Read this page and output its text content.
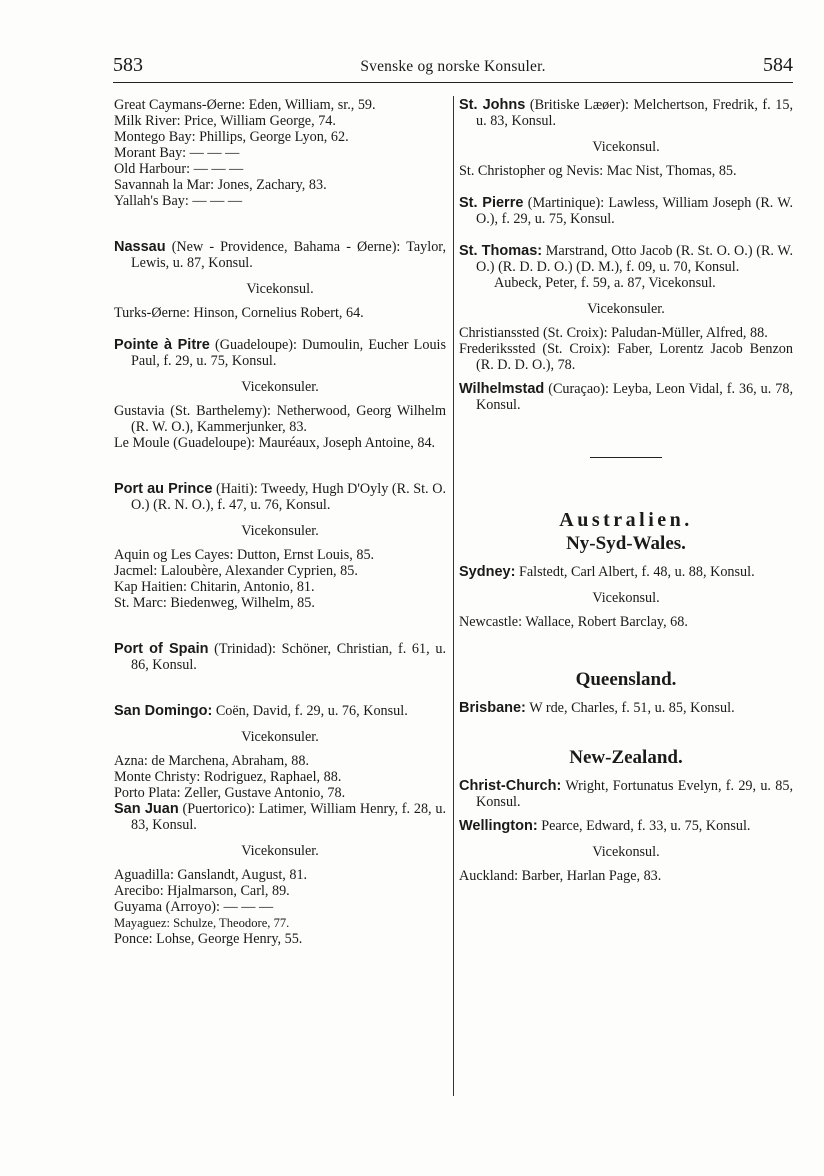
583	Svenske og norske Konsuler.	584

Great Caymans-Øerne: Eden, William, sr., 59.

Milk River: Price, William George, 74.

Montego Bay: Phillips, George Lyon, 62.

Morant Bay: — — —

Old Harbour: — — —

Savannah la Mar: Jones, Zachary, 83.

Yallah's Bay: — — —

Nassau (New - Providence, Bahama - Øerne): Taylor, Lewis, u. 87, Konsul.

Vicekonsul.

Turks-Øerne: Hinson, Cornelius Robert, 64.

Pointe à Pitre (Guadeloupe): Dumoulin, Eucher Louis Paul, f. 29, u. 75, Konsul.

Vicekonsuler.

Gustavia (St. Barthelemy): Netherwood, Georg Wilhelm (R. W. O.), Kammerjunker, 83.

Le Moule (Guadeloupe): Mauréaux, Joseph Antoine, 84.

Port au Prince (Haiti): Tweedy, Hugh D'Oyly (R. St. O. O.) (R. N. O.), f. 47, u. 76, Konsul.

Vicekonsuler.

Aquin og Les Cayes: Dutton, Ernst Louis, 85.

Jacmel: Laloubère, Alexander Cyprien, 85.

Kap Haitien: Chitarin, Antonio, 81.

St. Marc: Biedenweg, Wilhelm, 85.

Port of Spain (Trinidad): Schöner, Christian, f. 61, u. 86, Konsul.

San Domingo: Coën, David, f. 29, u. 76, Konsul.

Vicekonsuler.

Azna: de Marchena, Abraham, 88.

Monte Christy: Rodriguez, Raphael, 88.

Porto Plata: Zeller, Gustave Antonio, 78.

San Juan (Puertorico): Latimer, William Henry, f. 28, u. 83, Konsul.

Vicekonsuler.

Aguadilla: Ganslandt, August, 81.

Arecibo: Hjalmarson, Carl, 89.

Guyama (Arroyo): — — —

Mayaguez: Schulze, Theodore, 77.

Ponce: Lohse, George Henry, 55.

St. Johns (Britiske Læøer): Melchertson, Fredrik, f. 15, u. 83, Konsul.

Vicekonsul.

St. Christopher og Nevis: Mac Nist, Thomas, 85.

St. Pierre (Martinique): Lawless, William Joseph (R. W. O.), f. 29, u. 75, Konsul.

St. Thomas: Marstrand, Otto Jacob (R. St. O. O.) (R. W. O.) (R. D. D. O.) (D. M.), f. 09, u. 70, Konsul.

Aubeck, Peter, f. 59, a. 87, Vicekonsul.

Vicekonsuler.

Christianssted (St. Croix): Paludan-Müller, Alfred, 88.

Frederikssted (St. Croix): Faber, Lorentz Jacob Benzon (R. D. D. O.), 78.

Wilhelmstad (Curaçao): Leyba, Leon Vidal, f. 36, u. 78, Konsul.

Australien.
Ny-Syd-Wales.

Sydney: Falstedt, Carl Albert, f. 48, u. 88, Konsul.

Vicekonsul.

Newcastle: Wallace, Robert Barclay, 68.

Queensland.

Brisbane: W rde, Charles, f. 51, u. 85, Konsul.

New-Zealand.

Christ-Church: Wright, Fortunatus Evelyn, f. 29, u. 85, Konsul.

Wellington: Pearce, Edward, f. 33, u. 75, Konsul.

Vicekonsul.

Auckland: Barber, Harlan Page, 83.
